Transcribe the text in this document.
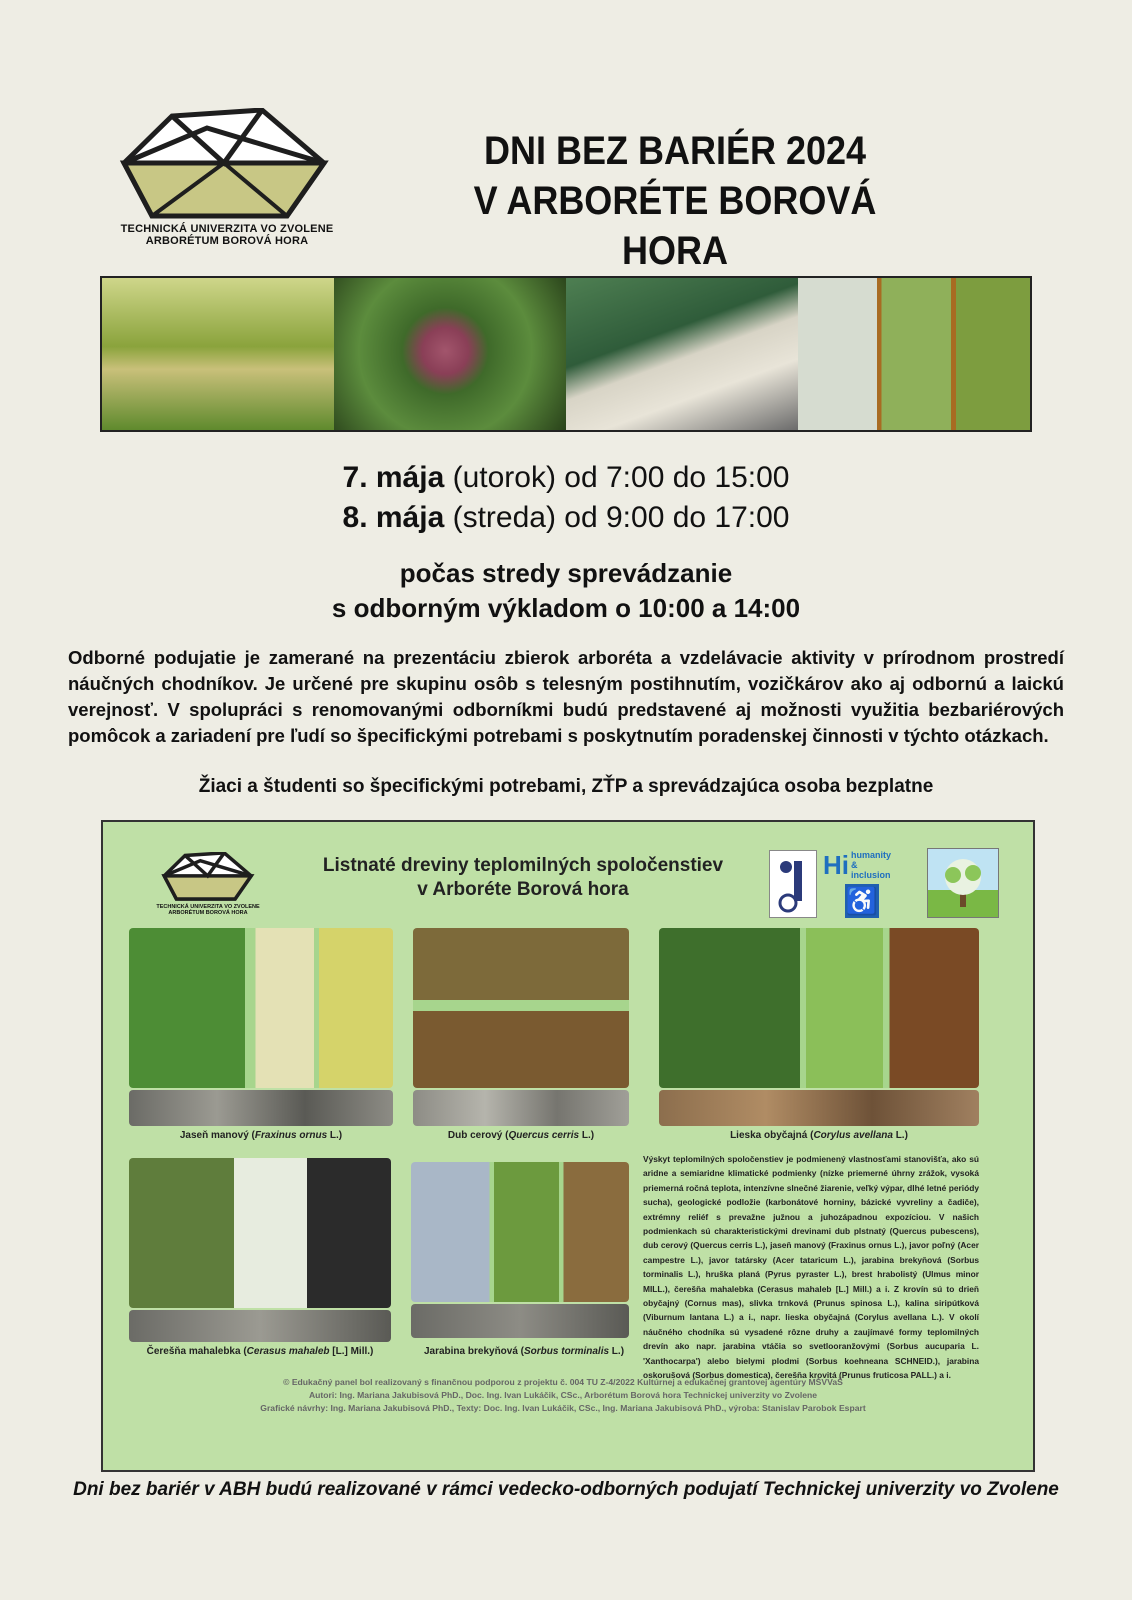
TECHNICKÁ UNIVERZITA VO ZVOLENE
ARBORÉTUM BOROVÁ HORA
DNI BEZ BARIÉR 2024
V ARBORÉTE BOROVÁ HORA
7. mája (utorok) od 7:00 do 15:00
8. mája (streda) od 9:00 do 17:00
počas stredy sprevádzanie
s odborným výkladom o 10:00 a 14:00
Odborné podujatie je zamerané na prezentáciu zbierok arboréta a vzdelávacie aktivity v prírodnom prostredí náučných chodníkov. Je určené pre skupinu osôb s telesným postihnutím, vozičkárov ako aj odbornú a laickú verejnosť. V spolupráci s renomovanými odborníkmi budú predstavené aj možnosti využitia bezbariérových pomôcok a zariadení pre ľudí so špecifickými potrebami s poskytnutím poradenskej činnosti v týchto otázkach.
Žiaci a študenti so špecifickými potrebami, ZŤP a sprevádzajúca osoba bezplatne
TECHNICKÁ UNIVERZITA VO ZVOLENE
ARBORÉTUM BOROVÁ HORA
Listnaté dreviny teplomilných spoločenstiev
v Arboréte Borová hora
Hi humanity & inclusion
♿
Jaseň manový (Fraxinus ornus L.)	Dub cerový (Quercus cerris L.)	Lieska obyčajná (Corylus avellana L.)
Čerešňa mahalebka (Cerasus mahaleb [L.] Mill.)	Jarabina brekyňová (Sorbus torminalis L.)
Výskyt teplomilných spoločenstiev je podmienený vlastnosťami stanovišťa, ako sú aridne a semiaridne klimatické podmienky (nízke priemerné úhrny zrážok, vysoká priemerná ročná teplota, intenzívne slnečné žiarenie, veľký výpar, dlhé letné periódy sucha), geologické podložie (karbonátové horniny, bázické vyvreliny a čadiče), extrémny reliéf s prevažne južnou a juhozápadnou expozíciou. V našich podmienkach sú charakteristickými drevinami dub plstnatý (Quercus pubescens), dub cerový (Quercus cerris L.), jaseň manový (Fraxinus ornus L.), javor poľný (Acer campestre L.), javor tatársky (Acer tataricum L.), jarabina brekyňová (Sorbus torminalis L.), hruška planá (Pyrus pyraster L.), brest hrabolistý (Ulmus minor MILL.), čerešňa mahalebka (Cerasus mahaleb [L.] Mill.) a i. Z krovín sú to drieň obyčajný (Cornus mas), slivka trnková (Prunus spinosa L.), kalina siripútková (Viburnum lantana L.) a i., napr. lieska obyčajná (Corylus avellana L.). V okolí náučného chodníka sú vysadené rôzne druhy a zaujímavé formy teplomilných drevín ako napr. jarabina vtáčia so svetlooranžovými (Sorbus aucuparia L. 'Xanthocarpa') alebo bielymi plodmi (Sorbus koehneana SCHNEID.), jarabina oskorušová (Sorbus domestica), čerešňa krovitá (Prunus fruticosa PALL.) a i.
© Edukačný panel bol realizovaný s finančnou podporou z projektu č. 004 TU Z-4/2022 Kultúrnej a edukačnej grantovej agentúry MŠVVaŠ
Autori: Ing. Mariana Jakubisová PhD., Doc. Ing. Ivan Lukáčik, CSc., Arborétum Borová hora Technickej univerzity vo Zvolene
Grafické návrhy: Ing. Mariana Jakubisová PhD., Texty: Doc. Ing. Ivan Lukáčik, CSc., Ing. Mariana Jakubisová PhD., výroba: Stanislav Parobok Espart
Dni bez bariér v ABH budú realizované v rámci vedecko-odborných podujatí Technickej univerzity vo Zvolene
